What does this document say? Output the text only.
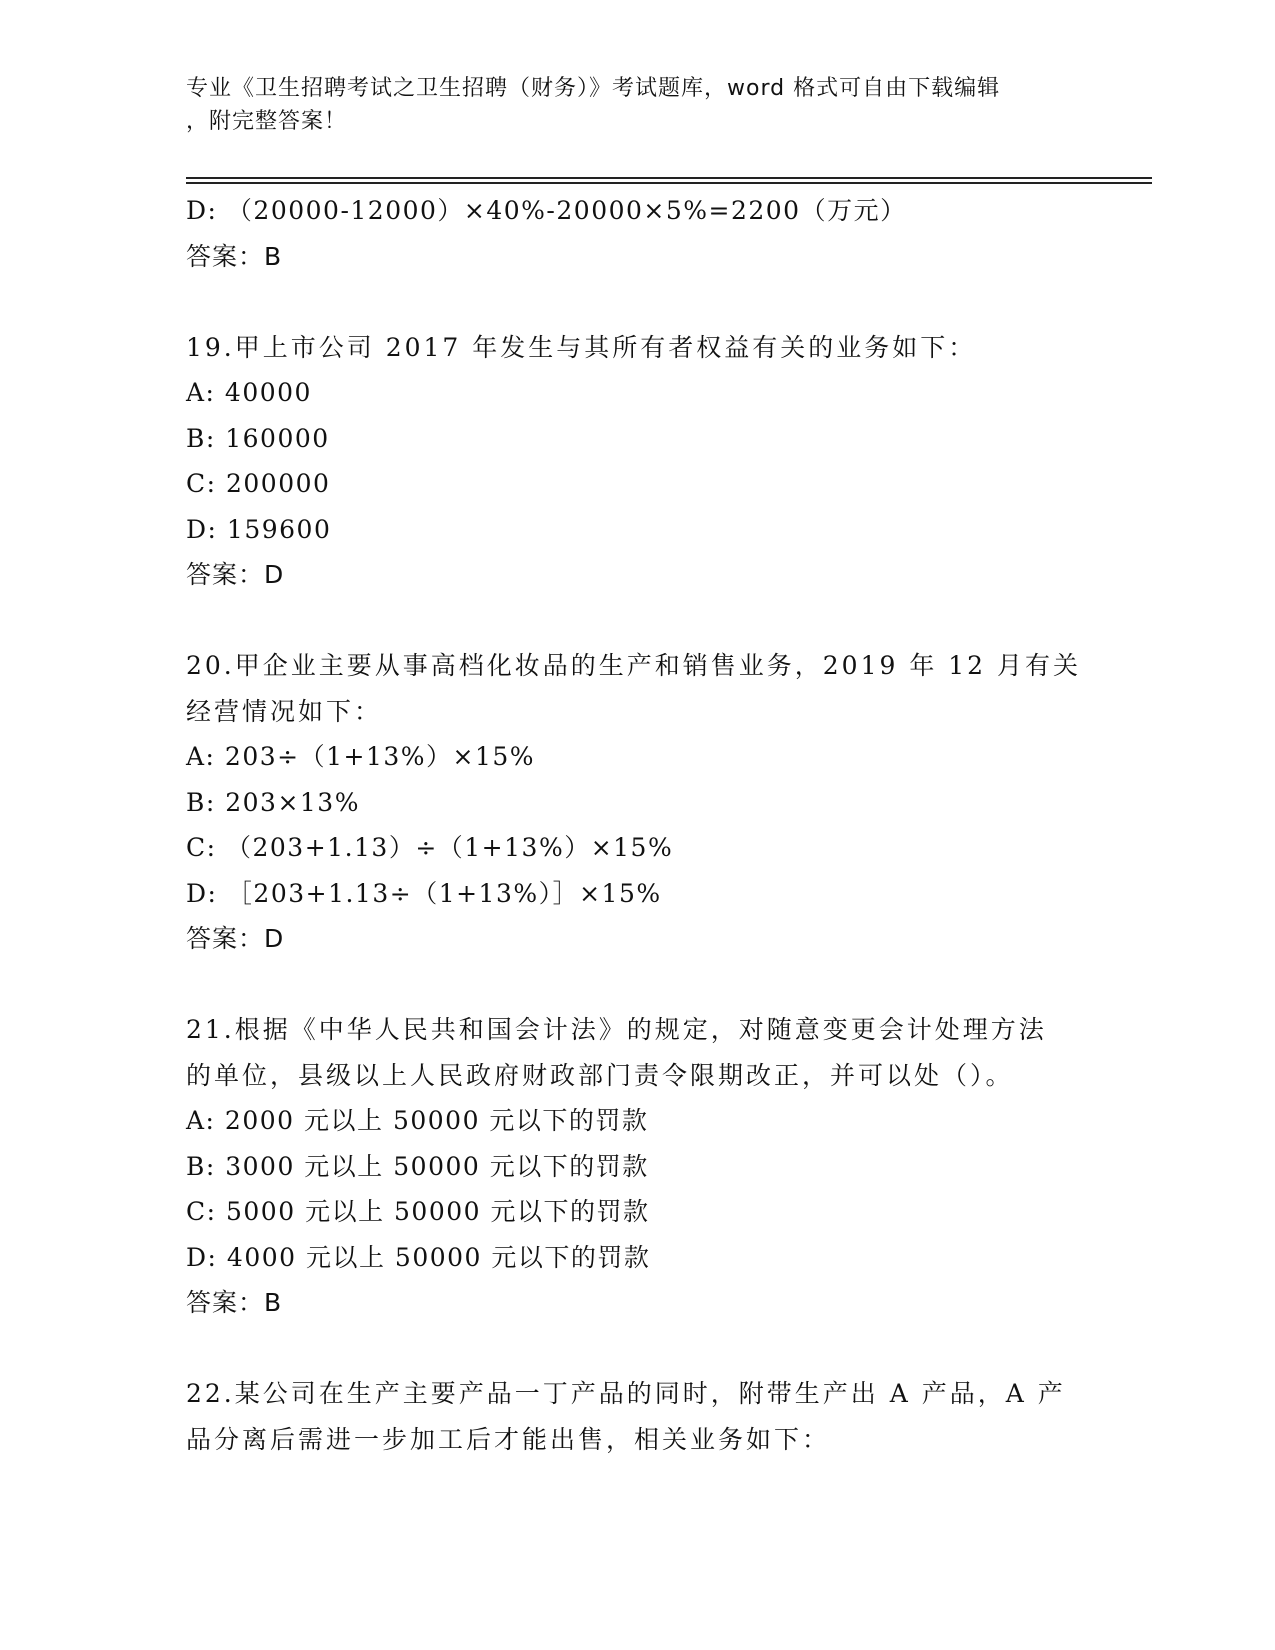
专业《卫生招聘考试之卫生招聘（财务）》考试题库，word 格式可自由下载编辑
，附完整答案！
D: （20000-12000）×40%-20000×5%=2200（万元）
答案：B
19.甲上市公司 2017 年发生与其所有者权益有关的业务如下：
A: 40000
B: 160000
C: 200000
D: 159600
答案：D
20.甲企业主要从事高档化妆品的生产和销售业务，2019 年 12 月有关
经营情况如下：
A: 203÷（1+13%）×15%
B: 203×13%
C: （203+1.13）÷（1+13%）×15%
D: ［203+1.13÷（1+13%）］×15%
答案：D
21.根据《中华人民共和国会计法》的规定，对随意变更会计处理方法
的单位，县级以上人民政府财政部门责令限期改正，并可以处（）。
A: 2000 元以上 50000 元以下的罚款
B: 3000 元以上 50000 元以下的罚款
C: 5000 元以上 50000 元以下的罚款
D: 4000 元以上 50000 元以下的罚款
答案：B
22.某公司在生产主要产品一丁产品的同时，附带生产出 A 产品，A 产
品分离后需进一步加工后才能出售，相关业务如下：
